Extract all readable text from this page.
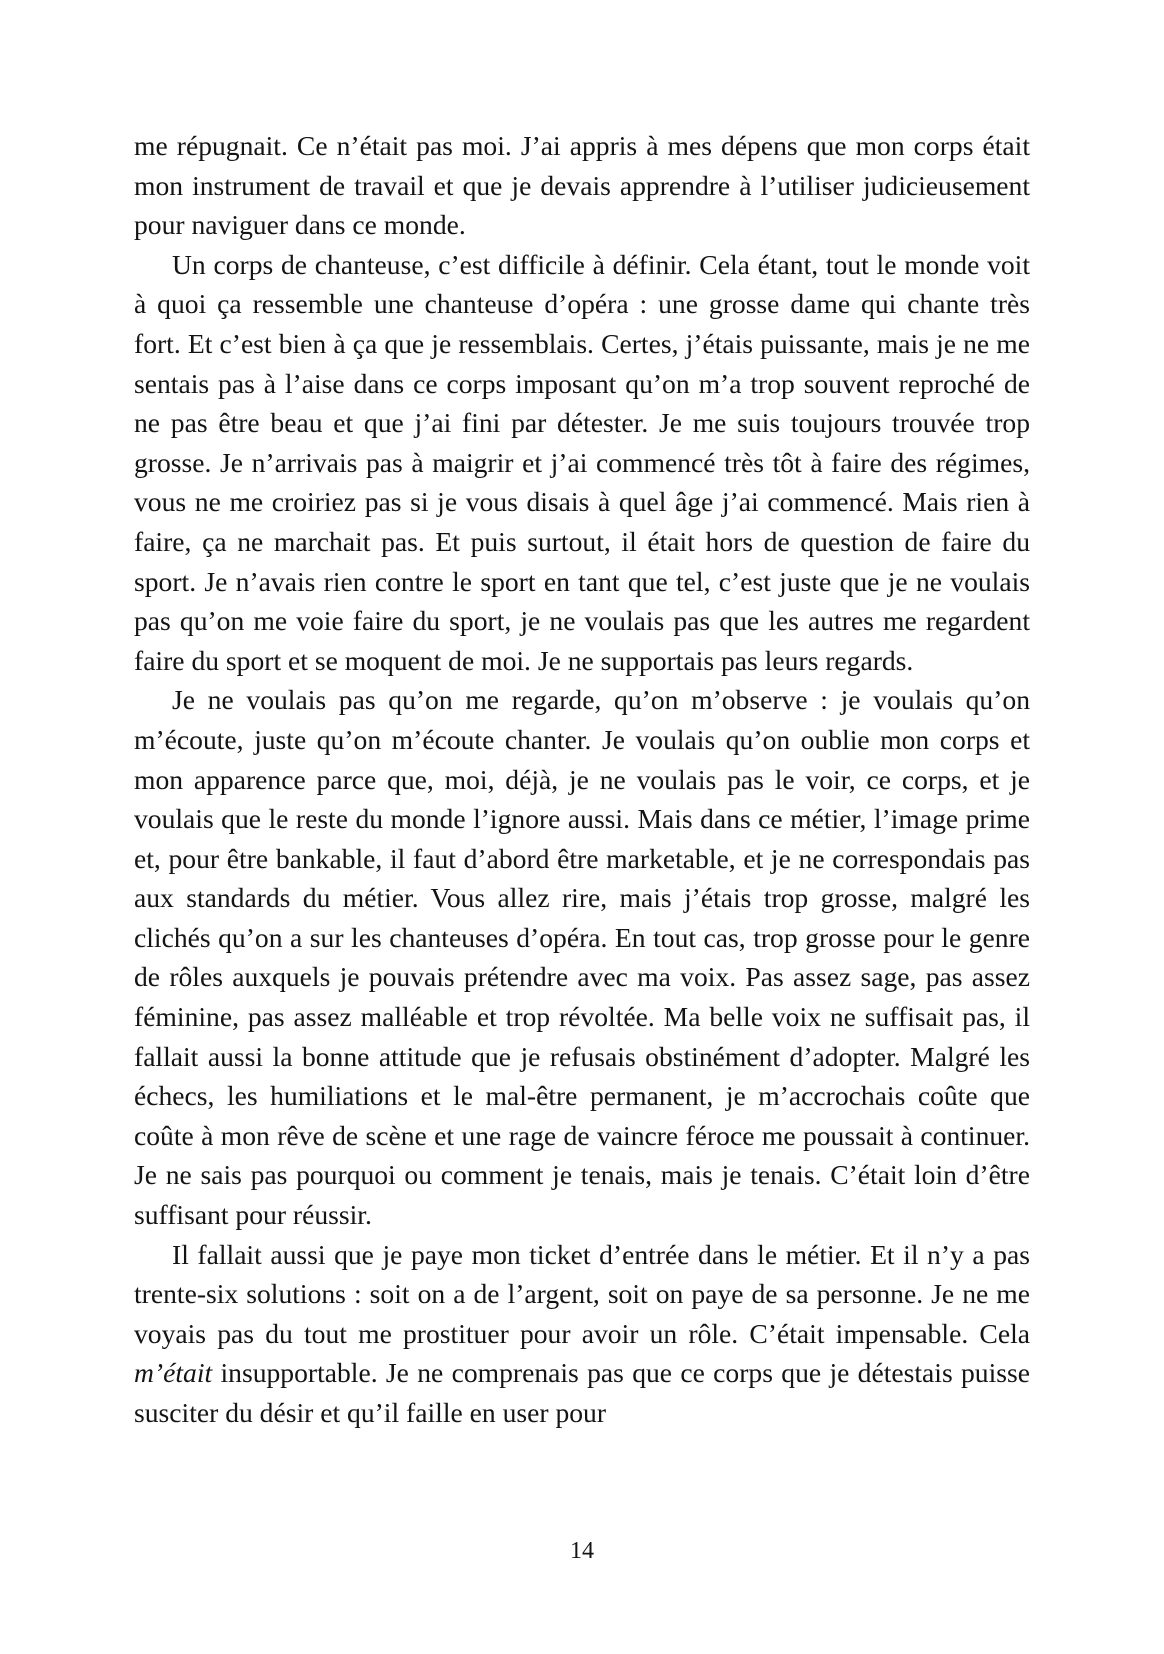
me répugnait. Ce n’était pas moi. J’ai appris à mes dépens que mon corps était mon instrument de travail et que je devais apprendre à l’utiliser judicieusement pour naviguer dans ce monde.

Un corps de chanteuse, c’est difficile à définir. Cela étant, tout le monde voit à quoi ça ressemble une chanteuse d’opéra : une grosse dame qui chante très fort. Et c’est bien à ça que je ressemblais. Certes, j’étais puissante, mais je ne me sentais pas à l’aise dans ce corps imposant qu’on m’a trop souvent reproché de ne pas être beau et que j’ai fini par détester. Je me suis toujours trouvée trop grosse. Je n’arrivais pas à maigrir et j’ai commencé très tôt à faire des régimes, vous ne me croiriez pas si je vous disais à quel âge j’ai commencé. Mais rien à faire, ça ne marchait pas. Et puis surtout, il était hors de question de faire du sport. Je n’avais rien contre le sport en tant que tel, c’est juste que je ne voulais pas qu’on me voie faire du sport, je ne voulais pas que les autres me regardent faire du sport et se moquent de moi. Je ne supportais pas leurs regards.

Je ne voulais pas qu’on me regarde, qu’on m’observe : je voulais qu’on m’écoute, juste qu’on m’écoute chanter. Je voulais qu’on oublie mon corps et mon apparence parce que, moi, déjà, je ne voulais pas le voir, ce corps, et je voulais que le reste du monde l’ignore aussi. Mais dans ce métier, l’image prime et, pour être bankable, il faut d’abord être marketable, et je ne correspondais pas aux standards du métier. Vous allez rire, mais j’étais trop grosse, malgré les clichés qu’on a sur les chanteuses d’opéra. En tout cas, trop grosse pour le genre de rôles auxquels je pouvais prétendre avec ma voix. Pas assez sage, pas assez féminine, pas assez malléable et trop révoltée. Ma belle voix ne suffisait pas, il fallait aussi la bonne attitude que je refusais obstinément d’adopter. Malgré les échecs, les humiliations et le mal-être permanent, je m’accrochais coûte que coûte à mon rêve de scène et une rage de vaincre féroce me poussait à continuer. Je ne sais pas pourquoi ou comment je tenais, mais je tenais. C’était loin d’être suffisant pour réussir.

Il fallait aussi que je paye mon ticket d’entrée dans le métier. Et il n’y a pas trente-six solutions : soit on a de l’argent, soit on paye de sa personne. Je ne me voyais pas du tout me prostituer pour avoir un rôle. C’était impensable. Cela m’était insupportable. Je ne comprenais pas que ce corps que je détestais puisse susciter du désir et qu’il faille en user pour

14
